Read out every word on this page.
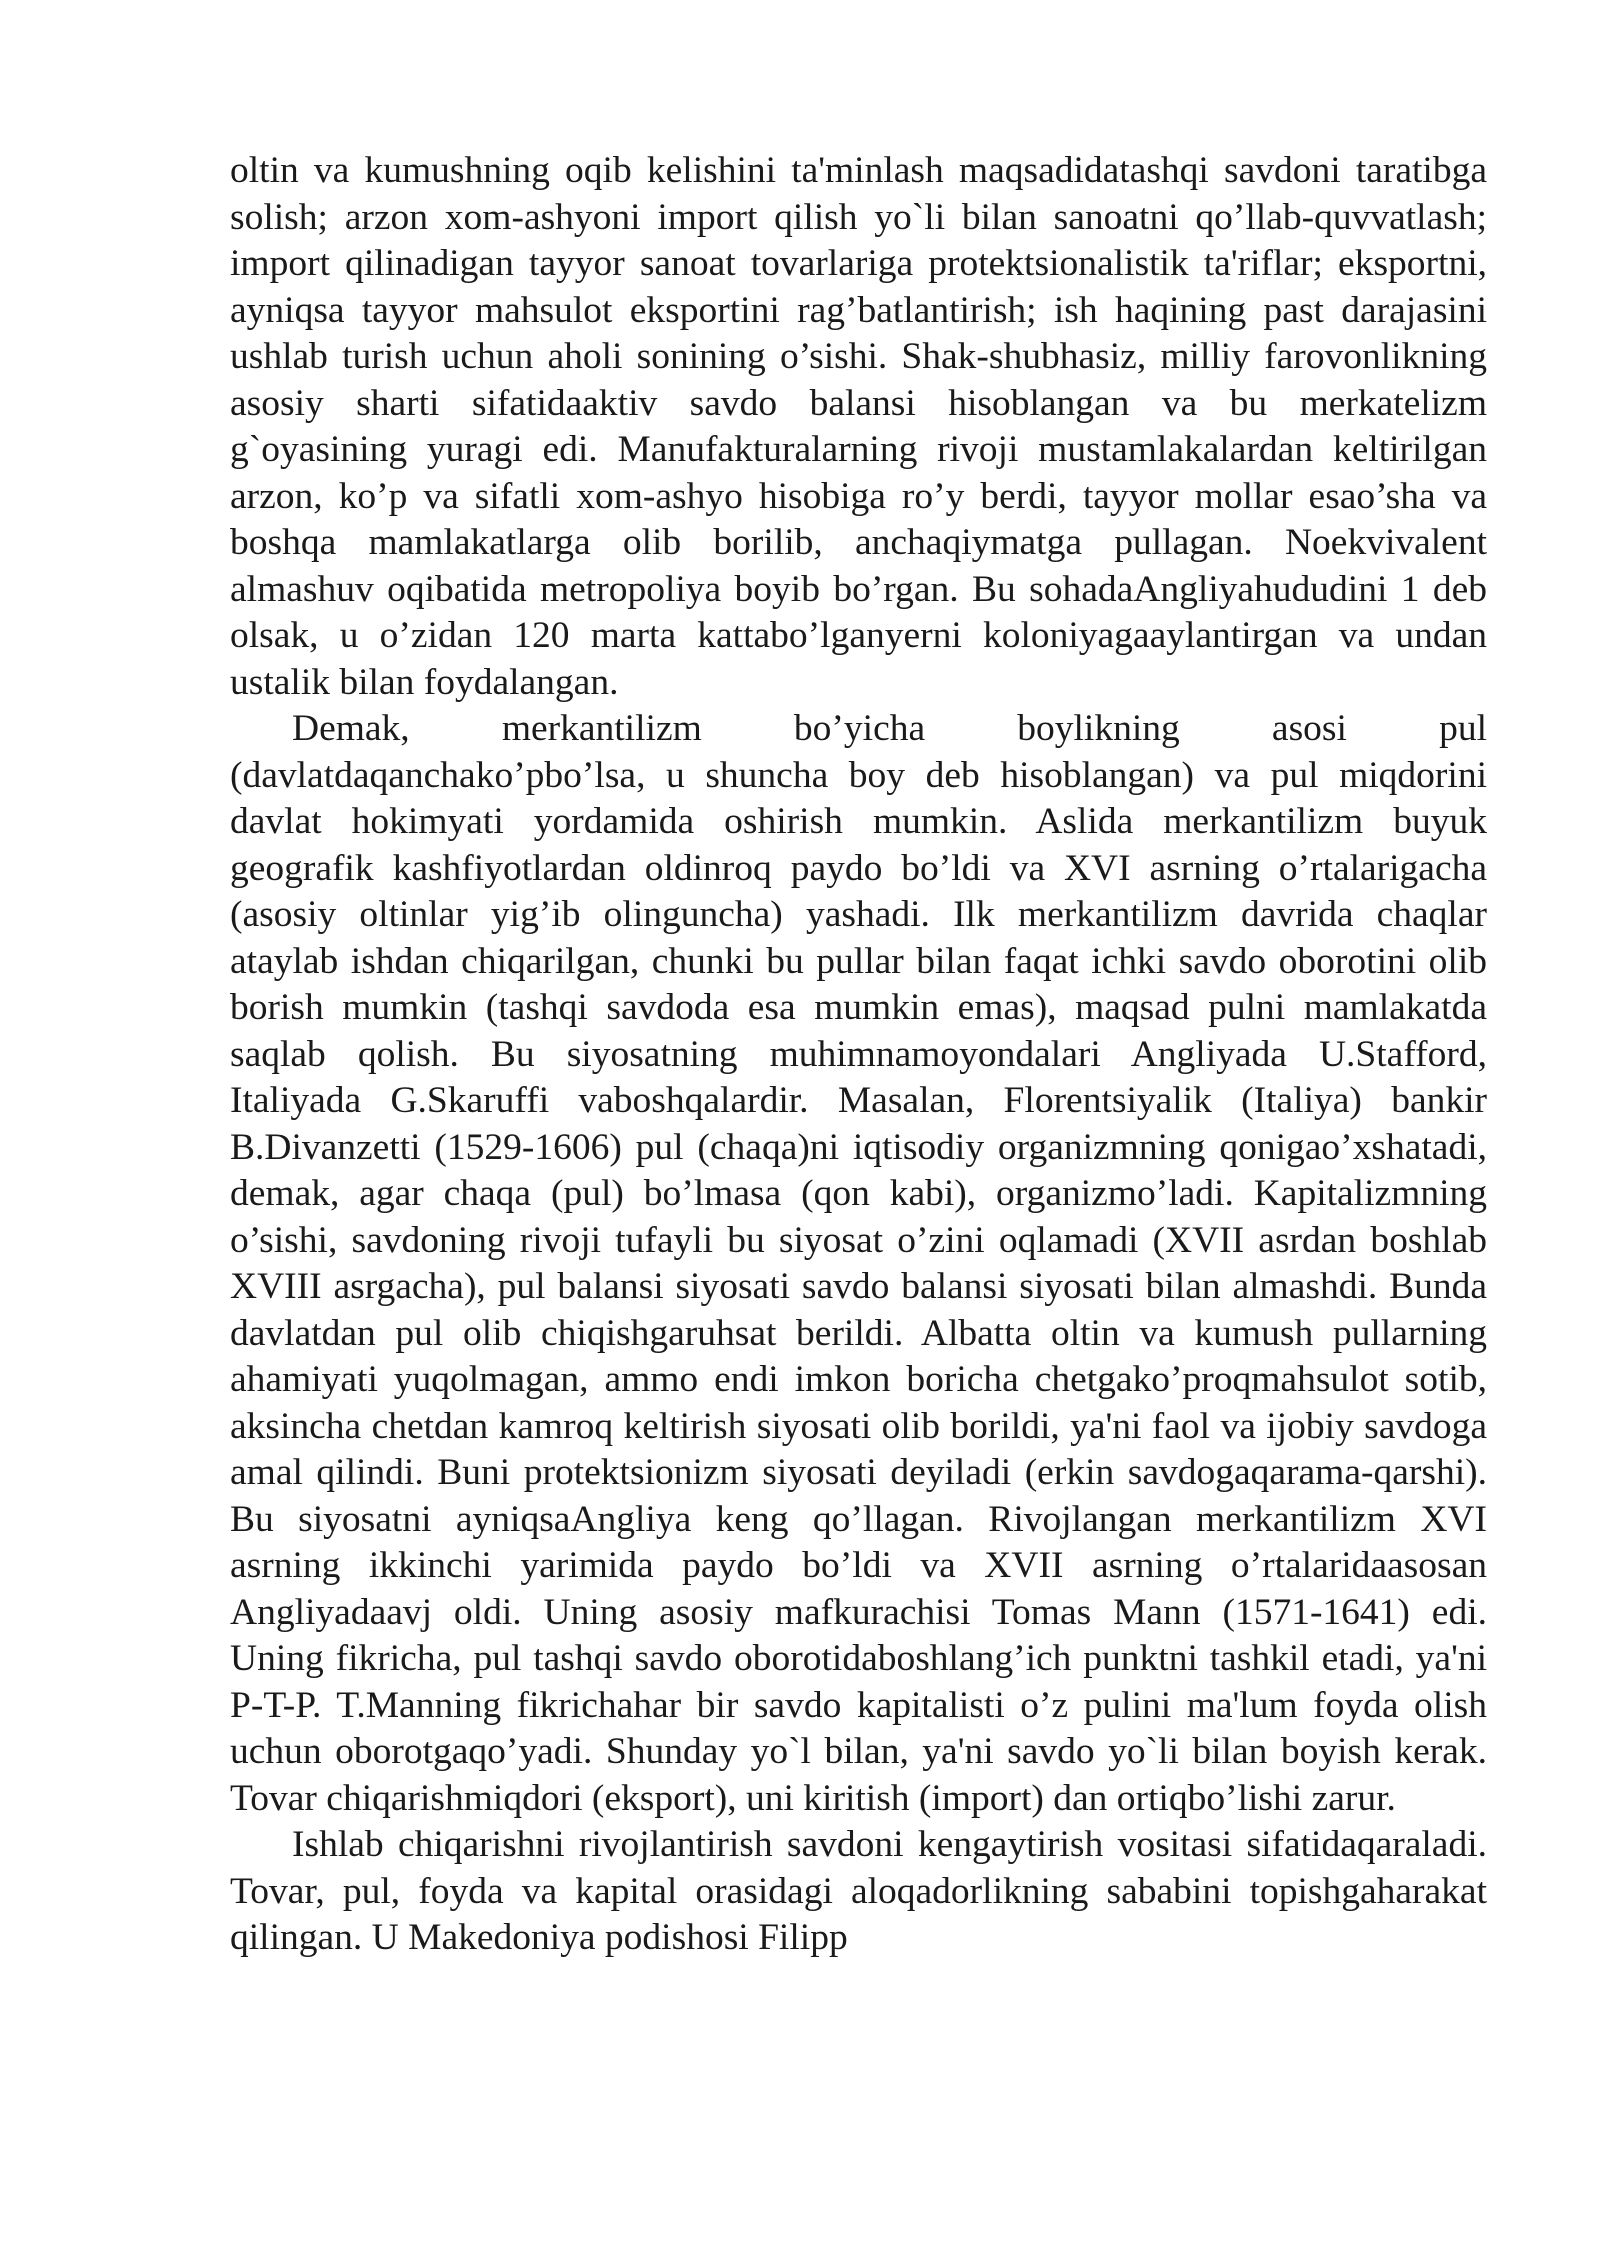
oltin va kumushning oqib kelishini ta'minlash maqsadidatashqi savdoni taratibga solish; arzon xom-ashyoni import qilish yo`li bilan sanoatni qo’llab-quvvatlash; import qilinadigan tayyor sanoat tovarlariga protektsionalistik ta'riflar; eksportni, ayniqsa tayyor mahsulot eksportini rag’batlantirish; ish haqining past darajasini ushlab turish uchun aholi sonining o’sishi. Shak-shubhasiz, milliy farovonlikning asosiy sharti sifatidaaktiv savdo balansi hisoblangan va bu merkatelizm g`oyasining yuragi edi. Manufakturalarning rivoji mustamlakalardan keltirilgan arzon, ko’p va sifatli xom-ashyo hisobiga ro’y berdi, tayyor mollar esao’sha va boshqa mamlakatlarga olib borilib, anchaqiymatga pullagan. Noekvivalent almashuv oqibatida metropoliya boyib bo’rgan. Bu sohadaAngliyahududini 1 deb olsak, u o’zidan 120 marta kattabo’lganyerni koloniyagaaylantirgan va undan ustalik bilan foydalangan.

Demak, merkantilizm bo’yicha boylikning asosi pul (davlatdaqanchako’pbo’lsa, u shuncha boy deb hisoblangan) va pul miqdorini davlat hokimyati yordamida oshirish mumkin. Aslida merkantilizm buyuk geografik kashfiyotlardan oldinroq paydo bo’ldi va XVI asrning o’rtalarigacha (asosiy oltinlar yig’ib olinguncha) yashadi. Ilk merkantilizm davrida chaqlar ataylab ishdan chiqarilgan, chunki bu pullar bilan faqat ichki savdo oborotini olib borish mumkin (tashqi savdoda esa mumkin emas), maqsad pulni mamlakatda saqlab qolish. Bu siyosatning muhimnamoyondalari Angliyada U.Stafford, Italiyada G.Skaruffi vaboshqalardir. Masalan, Florentsiyalik (Italiya) bankir B.Divanzetti (1529-1606) pul (chaqa)ni iqtisodiy organizmning qonigao’xshatadi, demak, agar chaqa (pul) bo’lmasa (qon kabi), organizmo’ladi. Kapitalizmning o’sishi, savdoning rivoji tufayli bu siyosat o’zini oqlamadi (XVII asrdan boshlab XVIII asrgacha), pul balansi siyosati savdo balansi siyosati bilan almashdi. Bunda davlatdan pul olib chiqishgaruhsat berildi. Albatta oltin va kumush pullarning ahamiyati yuqolmagan, ammo endi imkon boricha chetgako’proqmahsulot sotib, aksincha chetdan kamroq keltirish siyosati olib borildi, ya'ni faol va ijobiy savdoga amal qilindi. Buni protektsionizm siyosati deyiladi (erkin savdogaqarama-qarshi). Bu siyosatni ayniqsaAngliya keng qo’llagan. Rivojlangan merkantilizm XVI asrning ikkinchi yarimida paydo bo’ldi va XVII asrning o’rtalaridaasosan Angliyadaavj oldi. Uning asosiy mafkurachisi Tomas Mann (1571-1641) edi. Uning fikricha, pul tashqi savdo oborotidaboshlang’ich punktni tashkil etadi, ya'ni P-T-P. T.Manning fikrichahar bir savdo kapitalisti o’z pulini ma'lum foyda olish uchun oborotgaqo’yadi. Shunday yo`l bilan, ya'ni savdo yo`li bilan boyish kerak. Tovar chiqarishmiqdori (eksport), uni kiritish (import) dan ortiqbo’lishi zarur.

Ishlab chiqarishni rivojlantirish savdoni kengaytirish vositasi sifatidaqaraladi. Tovar, pul, foyda va kapital orasidagi aloqadorlikning sababini topishgaharakat qilingan. U Makedoniya podishosi Filipp
